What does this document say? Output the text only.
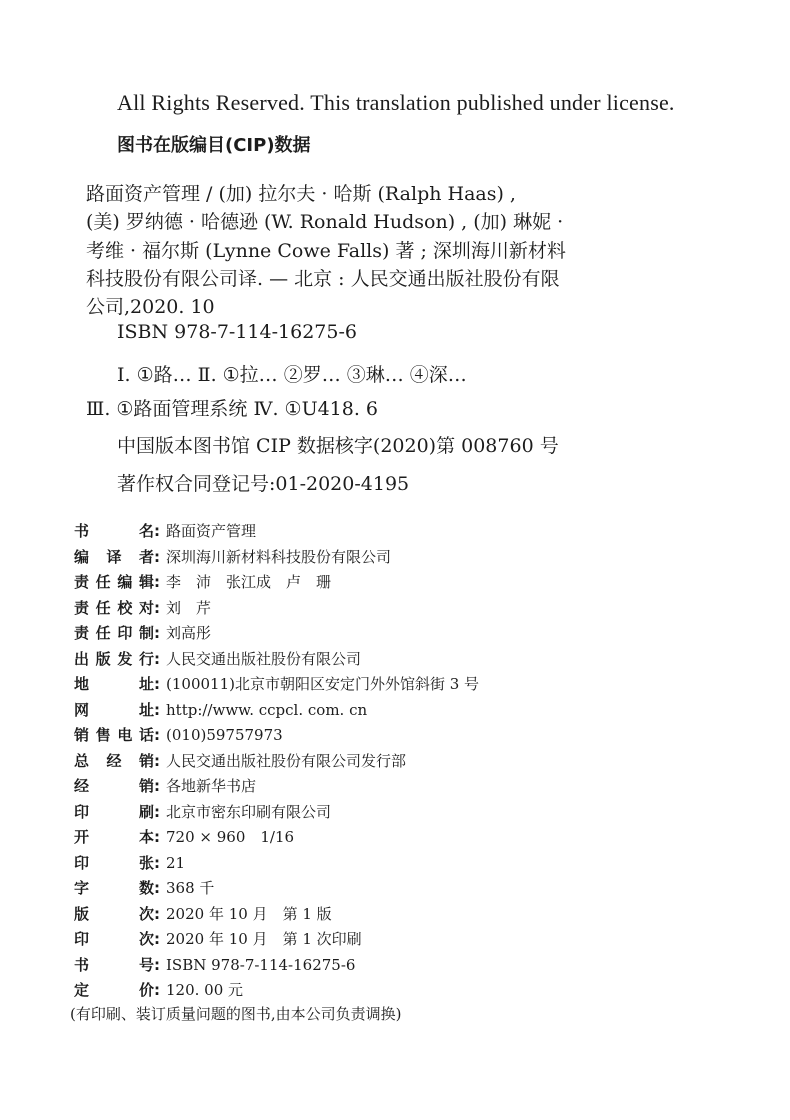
All Rights Reserved. This translation published under license.
图书在版编目(CIP)数据
路面资产管理 / (加) 拉尔夫 · 哈斯 (Ralph Haas) ,
(美) 罗纳德 · 哈德逊 (W. Ronald Hudson) , (加) 琳妮 ·
考维 · 福尔斯 (Lynne Cowe Falls) 著 ; 深圳海川新材料
科技股份有限公司译. — 北京 : 人民交通出版社股份有限
公司,2020. 10
ISBN 978-7-114-16275-6
Ⅰ. ①路… Ⅱ. ①拉… ②罗… ③琳… ④深…
Ⅲ. ①路面管理系统 Ⅳ. ①U418. 6
中国版本图书馆 CIP 数据核字(2020)第 008760 号
著作权合同登记号:01-2020-4195
书名: 路面资产管理
编译者: 深圳海川新材料科技股份有限公司
责任编辑: 李　沛　张江成　卢　珊
责任校对: 刘　芹
责任印制: 刘高彤
出版发行: 人民交通出版社股份有限公司
地址: (100011)北京市朝阳区安定门外外馆斜街 3 号
网址: http://www. ccpcl. com. cn
销售电话: (010)59757973
总经销: 人民交通出版社股份有限公司发行部
经销: 各地新华书店
印刷: 北京市密东印刷有限公司
开本: 720 × 960　1/16
印张: 21
字数: 368 千
版次: 2020 年 10 月　第 1 版
印次: 2020 年 10 月　第 1 次印刷
书号: ISBN 978-7-114-16275-6
定价: 120. 00 元
(有印刷、装订质量问题的图书,由本公司负责调换)
